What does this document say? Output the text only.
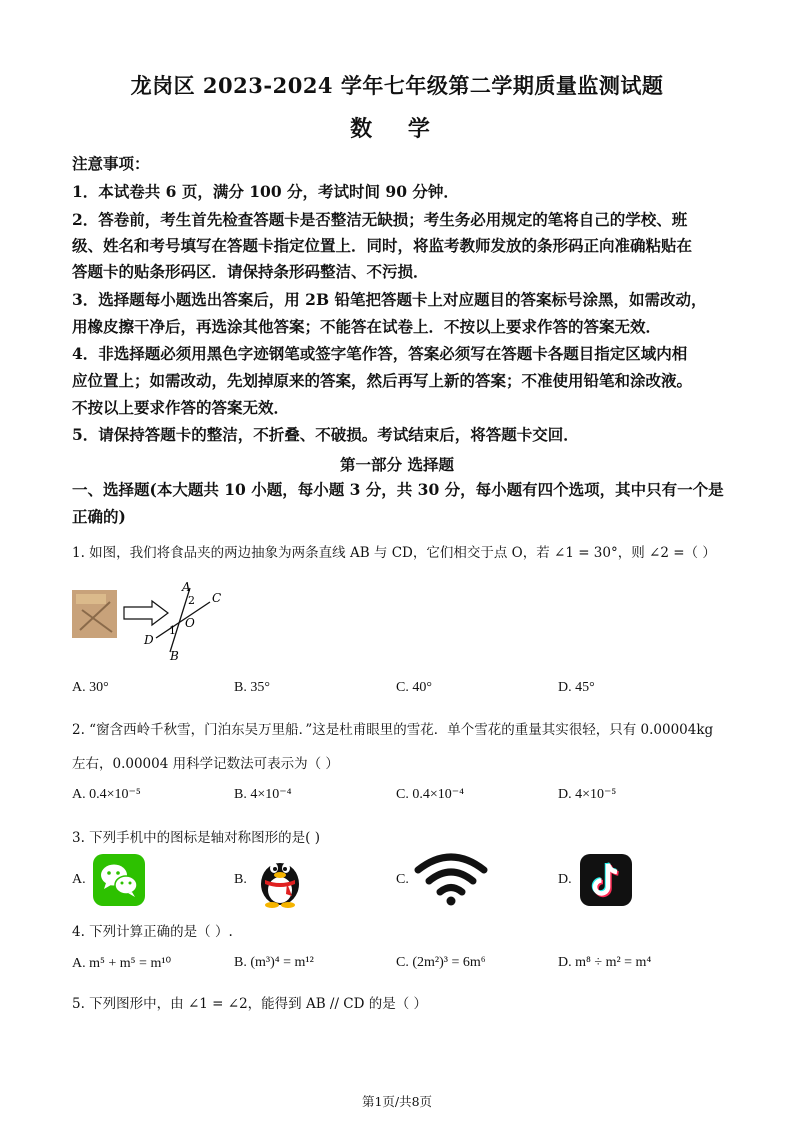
龙岗区 2023-2024 学年七年级第二学期质量监测试题
数 学
注意事项：
1．本试卷共 6 页，满分 100 分，考试时间 90 分钟．
2．答卷前，考生首先检查答题卡是否整洁无缺损；考生务必用规定的笔将自己的学校、班
级、姓名和考号填写在答题卡指定位置上．同时，将监考教师发放的条形码正向准确粘贴在
答题卡的贴条形码区．请保持条形码整洁、不污损．
3．选择题每小题选出答案后，用 2B 铅笔把答题卡上对应题目的答案标号涂黑，如需改动，
用橡皮擦干净后，再选涂其他答案；不能答在试卷上．不按以上要求作答的答案无效．
4．非选择题必须用黑色字迹钢笔或签字笔作答，答案必须写在答题卡各题目指定区域内相
应位置上；如需改动，先划掉原来的答案，然后再写上新的答案；不准使用铅笔和涂改液。
不按以上要求作答的答案无效．
5．请保持答题卡的整洁，不折叠、不破损。考试结束后，将答题卡交回．
第一部分 选择题
一、选择题(本大题共 10 小题，每小题 3 分，共 30 分，每小题有四个选项，其中只有一个是
正确的)
1. 如图，我们将食品夹的两边抽象为两条直线 AB 与 CD，它们相交于点 O，若 ∠1 = 30°，则 ∠2 =（ ）
A
B
C
D
O
1
2
A. 30°	B. 35°	C. 40°	D. 45°
2. “窗含西岭千秋雪，门泊东吴万里船．”这是杜甫眼里的雪花．单个雪花的重量其实很轻，只有 0.00004kg
左右，0.00004 用科学记数法可表示为（ ）
A. 0.4×10⁻⁵	B. 4×10⁻⁴	C. 0.4×10⁻⁴	D. 4×10⁻⁵
3. 下列手机中的图标是轴对称图形的是( )
A.	B.	C.	D.
4. 下列计算正确的是（ ）.
A. m⁵ + m⁵ = m¹⁰	B. (m³)⁴ = m¹²	C. (2m²)³ = 6m⁶	D. m⁸ ÷ m² = m⁴
5. 下列图形中，由 ∠1 = ∠2，能得到 AB // CD 的是（ ）
第1页/共8页
